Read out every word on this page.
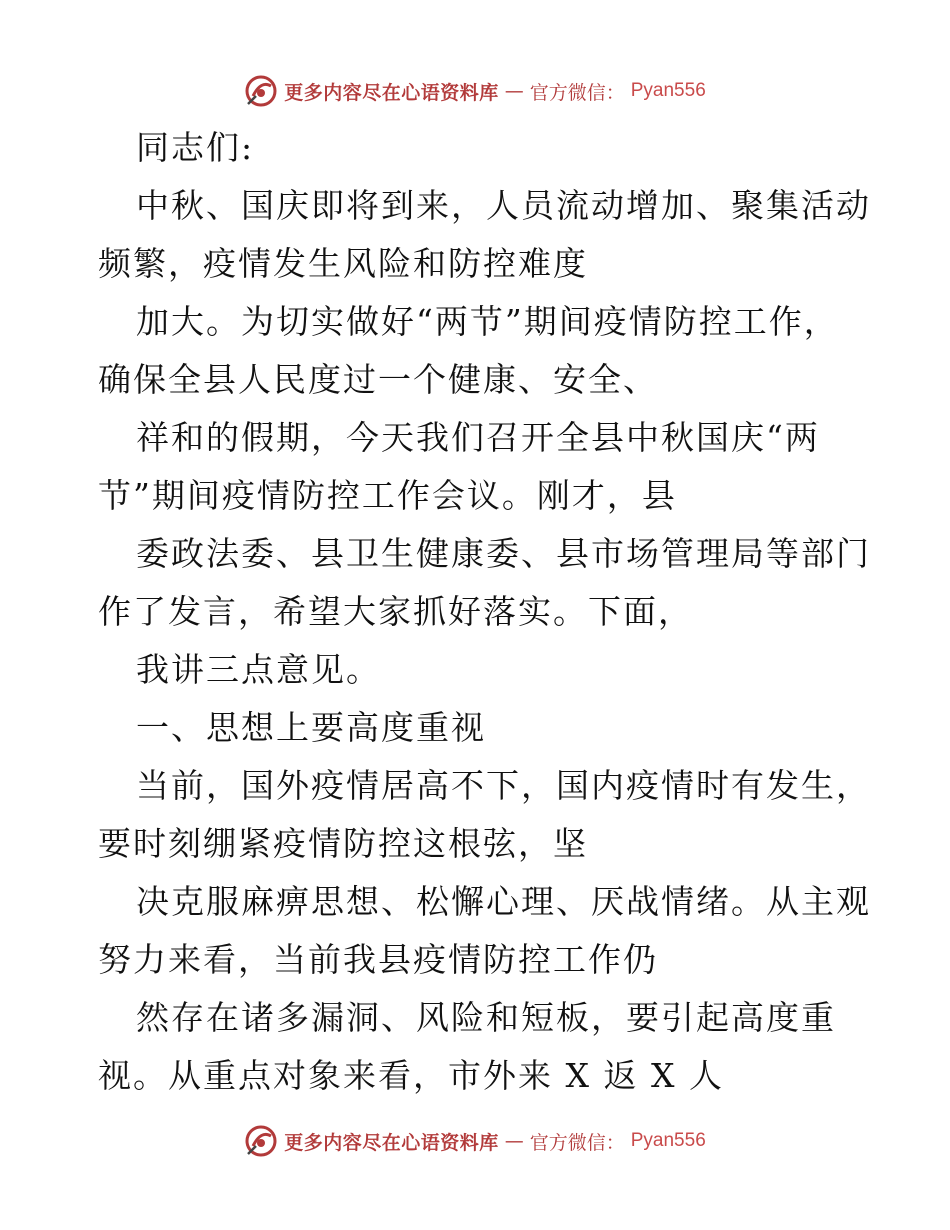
更多内容尽在心语资料库 — 官方微信： Pyan556
同志们:
中秋、国庆即将到来，人员流动增加、聚集活动
频繁，疫情发生风险和防控难度
加大。为切实做好“两节”期间疫情防控工作，
确保全县人民度过一个健康、安全、
祥和的假期，今天我们召开全县中秋国庆“两
节”期间疫情防控工作会议。刚才，县
委政法委、县卫生健康委、县市场管理局等部门
作了发言，希望大家抓好落实。下面，
我讲三点意见。
一、思想上要高度重视
当前，国外疫情居高不下，国内疫情时有发生，
要时刻绷紧疫情防控这根弦，坚
决克服麻痹思想、松懈心理、厌战情绪。从主观
努力来看，当前我县疫情防控工作仍
然存在诸多漏洞、风险和短板，要引起高度重
视。从重点对象来看，市外来 X 返 X 人
更多内容尽在心语资料库 — 官方微信： Pyan556
